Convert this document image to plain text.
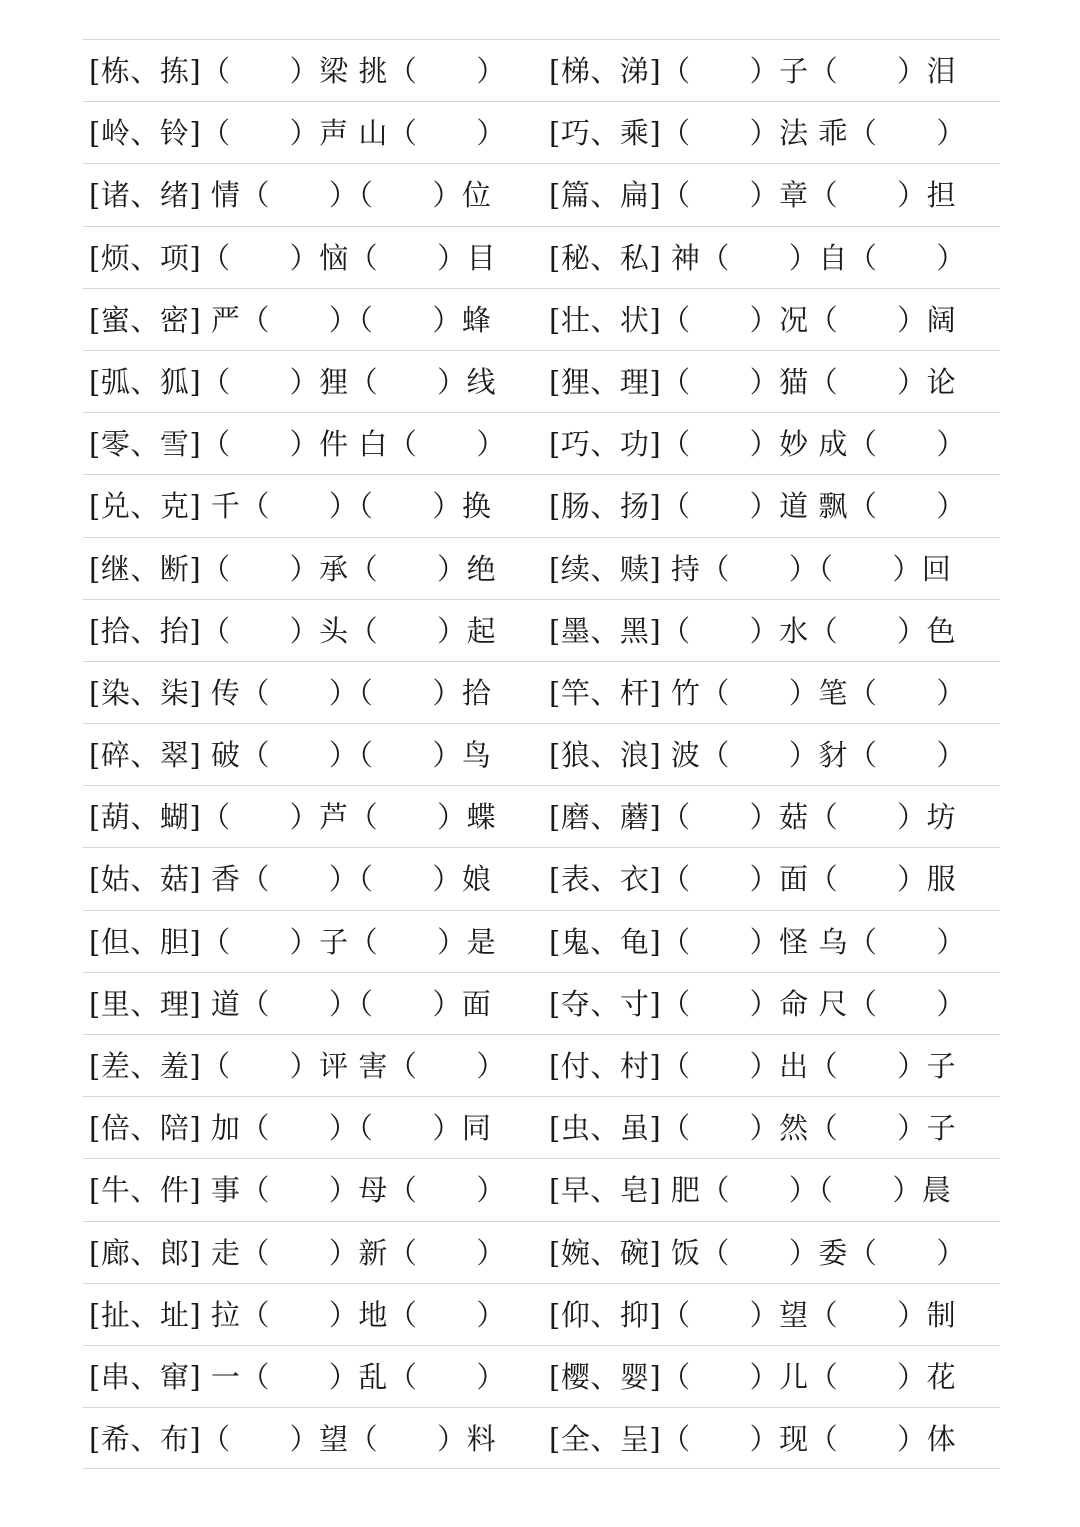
[栋、拣]（　　）梁 挑（　　） [梯、涕]（　　）子（　　）泪
[岭、铃]（　　）声 山（　　） [巧、乘]（　　）法 乖（　　）
[诸、绪] 情（　　）（　　）位 [篇、扁]（　　）章（　　）担
[烦、项]（　　）恼（　　）目 [秘、私] 神（　　）自（　　）
[蜜、密] 严（　　）（　　）蜂 [壮、状]（　　）况（　　）阔
[弧、狐]（　　）狸（　　）线 [狸、理]（　　）猫（　　）论
[零、雪]（　　）件 白（　　） [巧、功]（　　）妙 成（　　）
[兑、克] 千（　　）（　　）换 [肠、扬]（　　）道 飘（　　）
[继、断]（　　）承（　　）绝 [续、赎] 持（　　）（　　）回
[拾、抬]（　　）头（　　）起 [墨、黑]（　　）水（　　）色
[染、柒] 传（　　）（　　）拾 [竿、杆] 竹（　　）笔（　　）
[碎、翠] 破（　　）（　　）鸟 [狼、浪] 波（　　）豺（　　）
[葫、蝴]（　　）芦（　　）蝶 [磨、蘑]（　　）菇（　　）坊
[姑、菇] 香（　　）（　　）娘 [表、衣]（　　）面（　　）服
[但、胆]（　　）子（　　）是 [鬼、龟]（　　）怪 乌（　　）
[里、理] 道（　　）（　　）面 [夺、寸]（　　）命 尺（　　）
[差、羞]（　　）评 害（　　） [付、村]（　　）出（　　）子
[倍、陪] 加（　　）（　　）同 [虫、虽]（　　）然（　　）子
[牛、件] 事（　　）母（　　） [早、皂] 肥（　　）（　　）晨
[廊、郎] 走（　　）新（　　） [婉、碗] 饭（　　）委（　　）
[扯、址] 拉（　　）地（　　） [仰、抑]（　　）望（　　）制
[串、窜] 一（　　）乱（　　） [樱、婴]（　　）儿（　　）花
[希、布]（　　）望（　　）料 [全、呈]（　　）现（　　）体
